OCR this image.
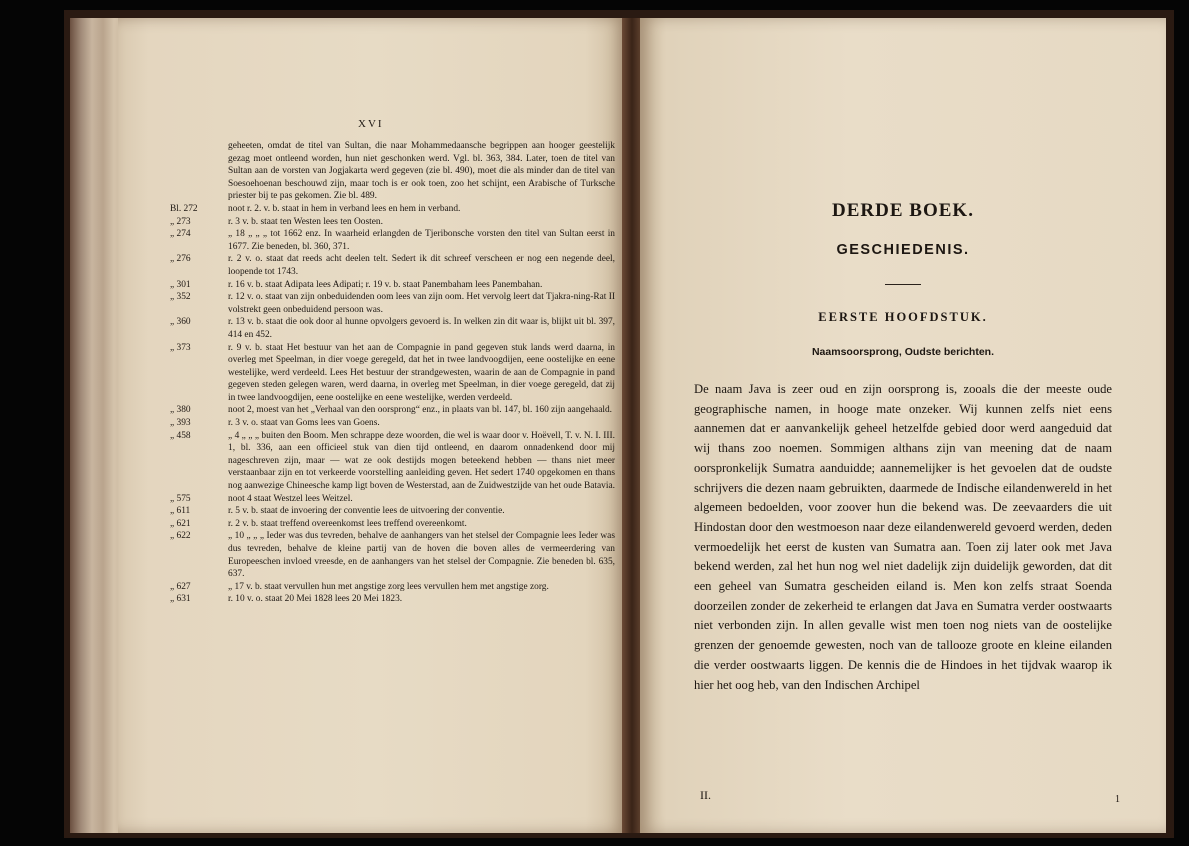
XVI

geheeten, omdat de titel van Sultan, die naar Mohammedaansche begrippen aan hooger geestelijk gezag moet ontleend worden, hun niet geschonken werd. Vgl. bl. 363, 384. Later, toen de titel van Sultan aan de vorsten van Jogjakarta werd gegeven (zie bl. 490), moet die als minder dan de titel van Soesoehoenan beschouwd zijn, maar toch is er ook toen, zoo het schijnt, een Arabische of Turksche priester bij te pas gekomen. Zie bl. 489.

Bl. 272	noot r. 2. v. b. staat in hem in verband lees en hem in verband.
„ 273	r. 3 v. b. staat ten Westen lees ten Oosten.
„ 274	„ 18 „ „ „ tot 1662 enz. In waarheid erlangden de Tjeribonsche vorsten den titel van Sultan eerst in 1677. Zie beneden, bl. 360, 371.
„ 276	r. 2 v. o. staat dat reeds acht deelen telt. Sedert ik dit schreef verscheen er nog een negende deel, loopende tot 1743.
„ 301	r. 16 v. b. staat Adipata lees Adipati; r. 19 v. b. staat Panembaham lees Panembahan.
„ 352	r. 12 v. o. staat van zijn onbeduidenden oom lees van zijn oom. Het vervolg leert dat Tjakra-ning-Rat II volstrekt geen onbeduidend persoon was.
„ 360	r. 13 v. b. staat die ook door al hunne opvolgers gevoerd is. In welken zin dit waar is, blijkt uit bl. 397, 414 en 452.
„ 373	r. 9 v. b. staat Het bestuur van het aan de Compagnie in pand gegeven stuk lands werd daarna, in overleg met Speelman, in dier voege geregeld, dat het in twee landvoogdijen, eene oostelijke en eene westelijke, werd verdeeld. Lees Het bestuur der strandgewesten, waarin de aan de Compagnie in pand gegeven steden gelegen waren, werd daarna, in overleg met Speelman, in dier voege geregeld, dat zij in twee landvoogdijen, eene oostelijke en eene westelijke, werden verdeeld.
„ 380	noot 2, moest van het „Verhaal van den oorsprong“ enz., in plaats van bl. 147, bl. 160 zijn aangehaald.
„ 393	r. 3 v. o. staat van Goms lees van Goens.
„ 458	„ 4 „ „ „ buiten den Boom. Men schrappe deze woorden, die wel is waar door v. Hoëvell, T. v. N. I. III. 1, bl. 336, aan een officieel stuk van dien tijd ontleend, en daarom onnadenkend door mij nageschreven zijn, maar — wat ze ook destijds mogen beteekend hebben — thans niet meer verstaanbaar zijn en tot verkeerde voorstelling aanleiding geven. Het sedert 1740 opgekomen en thans nog aanwezige Chineesche kamp ligt boven de Westerstad, aan de Zuidwestzijde van het oude Batavia.
„ 575	noot 4 staat Westzel lees Weitzel.
„ 611	r. 5 v. b. staat de invoering der conventie lees de uitvoering der conventie.
„ 621	r. 2 v. b. staat treffend overeenkomst lees treffend overeenkomt.
„ 622	„ 10 „ „ „ Ieder was dus tevreden, behalve de aanhangers van het stelsel der Compagnie lees Ieder was dus tevreden, behalve de kleine partij van de hoven die boven alles de vermeerdering van Europeeschen invloed vreesde, en de aanhangers van het stelsel der Compagnie. Zie beneden bl. 635, 637.
„ 627	„ 17 v. b. staat vervullen hun met angstige zorg lees vervullen hem met angstige zorg.
„ 631	r. 10 v. o. staat 20 Mei 1828 lees 20 Mei 1823.
DERDE BOEK.
GESCHIEDENIS.
EERSTE HOOFDSTUK.
Naamsoorsprong, Oudste berichten.

De naam Java is zeer oud en zijn oorsprong is, zooals die der meeste oude geographische namen, in hooge mate onzeker. Wij kunnen zelfs niet eens aannemen dat er aanvankelijk geheel hetzelfde gebied door werd aangeduid dat wij thans zoo noemen. Sommigen althans zijn van meening dat de naam oorspronkelijk Sumatra aanduidde; aannemelijker is het gevoelen dat de oudste schrijvers die dezen naam gebruikten, daarmede de Indische eilandenwereld in het algemeen bedoelden, voor zoover hun die bekend was. De zeevaarders die uit Hindostan door den westmoeson naar deze eilandenwereld gevoerd werden, deden vermoedelijk het eerst de kusten van Sumatra aan. Toen zij later ook met Java bekend werden, zal het hun nog wel niet dadelijk zijn duidelijk geworden, dat dit een geheel van Sumatra gescheiden eiland is. Men kon zelfs straat Soenda doorzeilen zonder de zekerheid te erlangen dat Java en Sumatra verder oostwaarts niet verbonden zijn. In allen gevalle wist men toen nog niets van de oostelijke grenzen der genoemde gewesten, noch van de tallooze groote en kleine eilanden die verder oostwaarts liggen. De kennis die de Hindoes in het tijdvak waarop ik hier het oog heb, van den Indischen Archipel

II.	1
